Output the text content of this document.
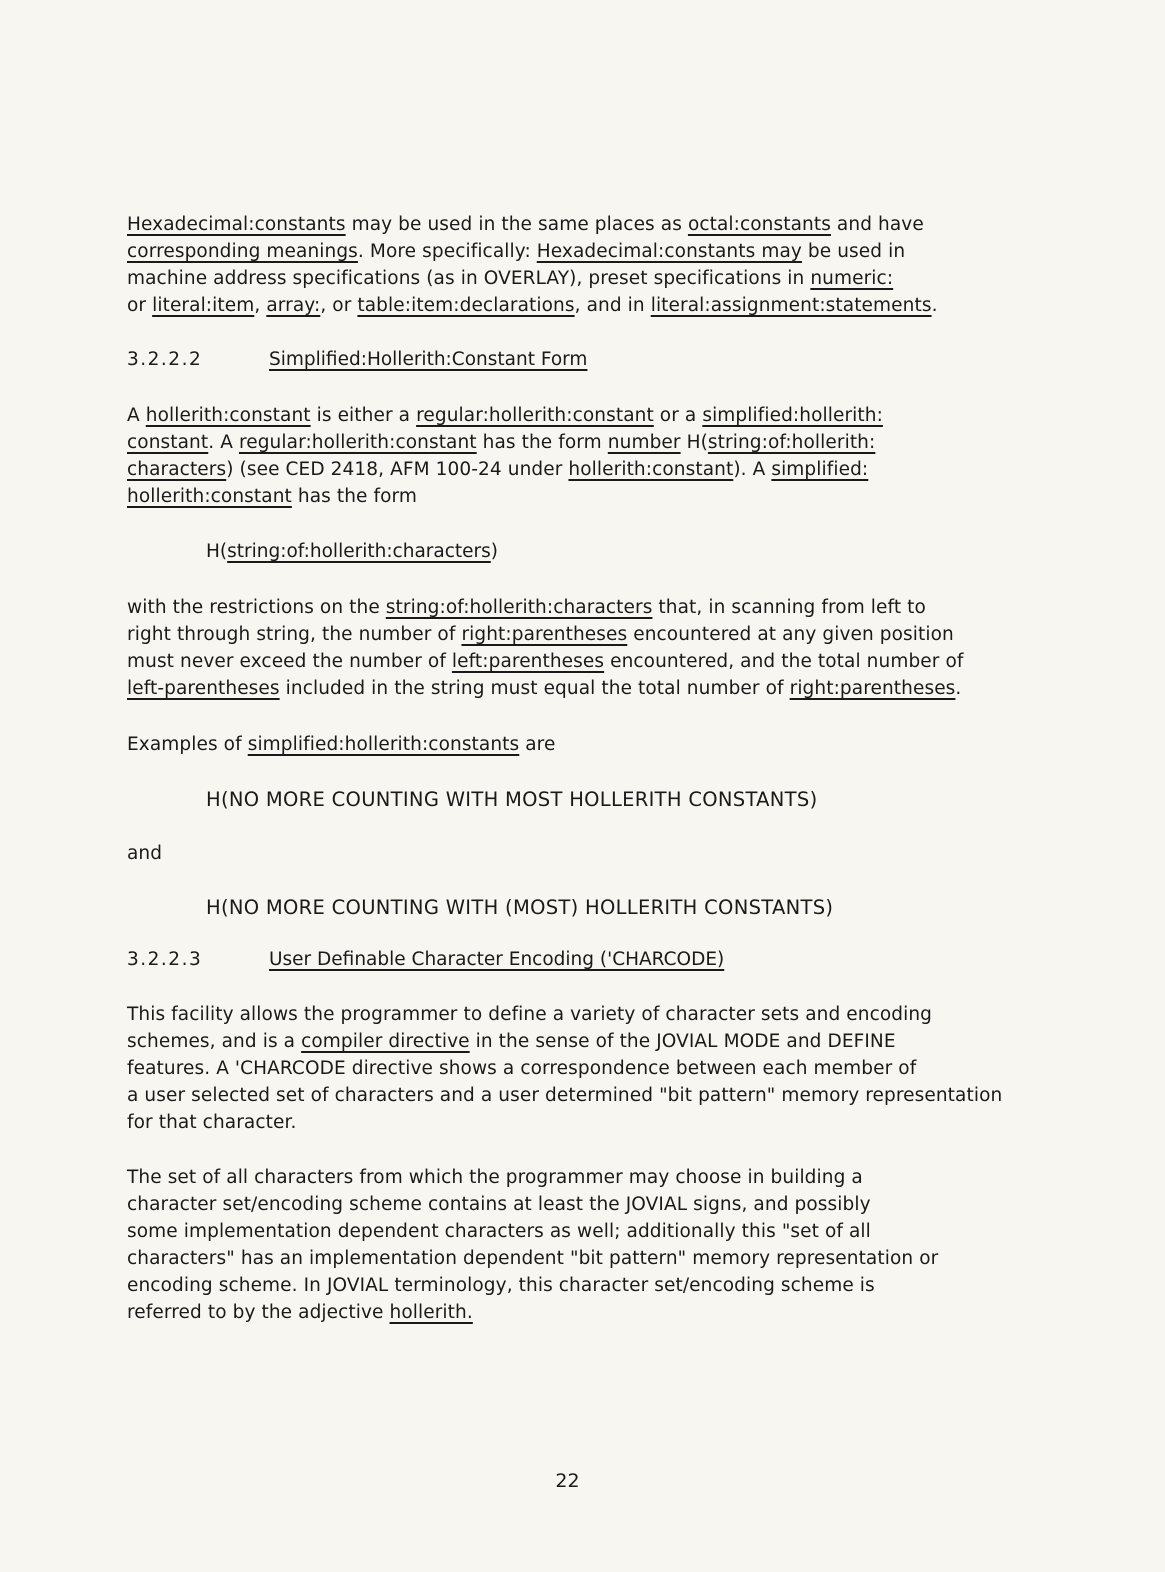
Hexadecimal:constants may be used in the same places as octal:constants and have
corresponding meanings. More specifically: Hexadecimal:constants may be used in
machine address specifications (as in OVERLAY), preset specifications in numeric:
or literal:item, array:, or table:item:declarations, and in literal:assignment:statements.
3.2.2.2	Simplified:Hollerith:Constant Form
A hollerith:constant is either a regular:hollerith:constant or a simplified:hollerith:
constant. A regular:hollerith:constant has the form number H(string:of:hollerith:
characters) (see CED 2418, AFM 100-24 under hollerith:constant). A simplified:
hollerith:constant has the form
H(string:of:hollerith:characters)
with the restrictions on the string:of:hollerith:characters that, in scanning from left to
right through string, the number of right:parentheses encountered at any given position
must never exceed the number of left:parentheses encountered, and the total number of
left-parentheses included in the string must equal the total number of right:parentheses.
Examples of simplified:hollerith:constants are
H(NO MORE COUNTING WITH MOST HOLLERITH CONSTANTS)
and
H(NO MORE COUNTING WITH (MOST) HOLLERITH CONSTANTS)
3.2.2.3	User Definable Character Encoding ('CHARCODE)
This facility allows the programmer to define a variety of character sets and encoding
schemes, and is a compiler directive in the sense of the JOVIAL MODE and DEFINE
features. A 'CHARCODE directive shows a correspondence between each member of
a user selected set of characters and a user determined "bit pattern" memory representation
for that character.
The set of all characters from which the programmer may choose in building a
character set/encoding scheme contains at least the JOVIAL signs, and possibly
some implementation dependent characters as well; additionally this "set of all
characters" has an implementation dependent "bit pattern" memory representation or
encoding scheme. In JOVIAL terminology, this character set/encoding scheme is
referred to by the adjective hollerith.
22
